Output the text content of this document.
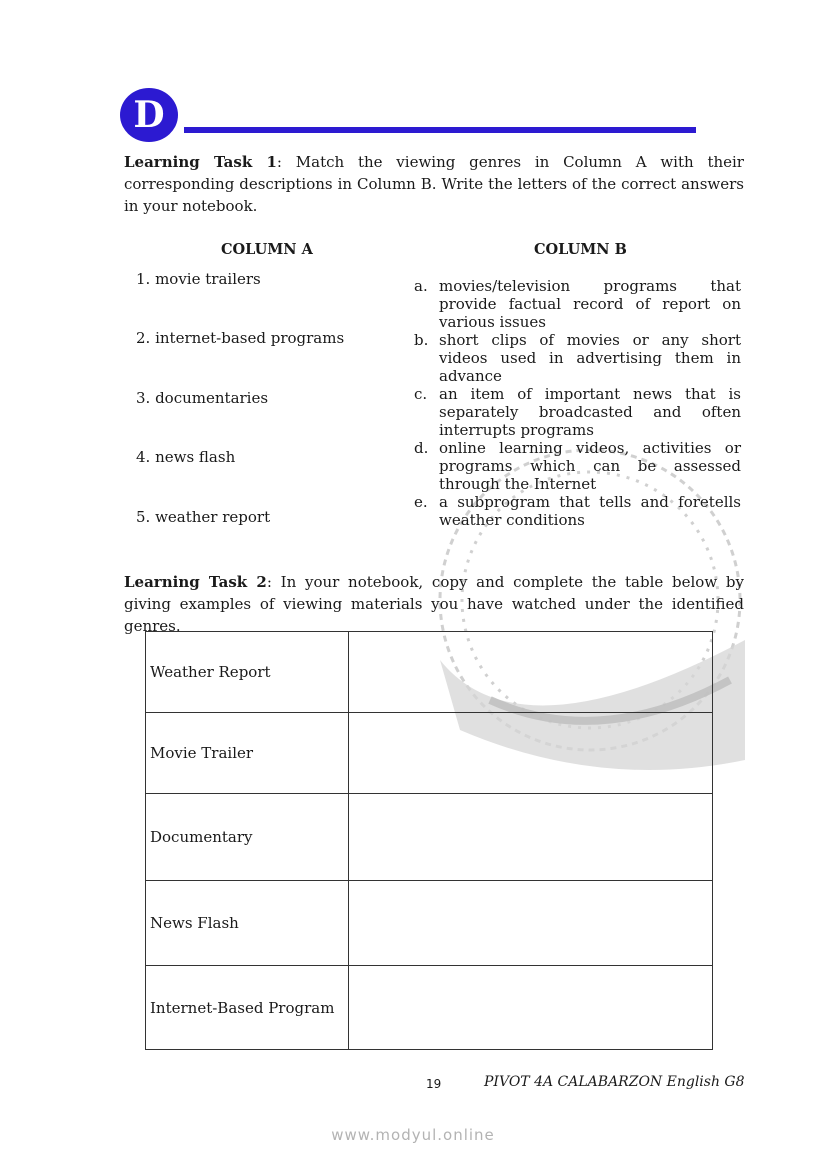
D
Learning Task 1: Match the viewing genres in Column A with their corresponding descriptions in Column B. Write the letters of the correct answers in your notebook.
COLUMN A	COLUMN B
1. movie trailers
2. internet-based programs
3. documentaries
4. news flash
5. weather report
a. movies/television programs that provide factual record of report on various issues
b. short clips of movies or any short videos used in advertising them in advance
c. an item of important news that is separately broadcasted and often interrupts programs
d. online learning videos, activities or programs which can be assessed through the Internet
e. a subprogram that tells and foretells weather conditions
Learning Task 2: In your notebook, copy and complete the table below by giving examples of viewing materials you have watched under the identified genres.
Weather Report	
Movie Trailer	
Documentary	
News Flash	
Internet-Based Program	
19	PIVOT 4A CALABARZON English G8
www.modyul.online
